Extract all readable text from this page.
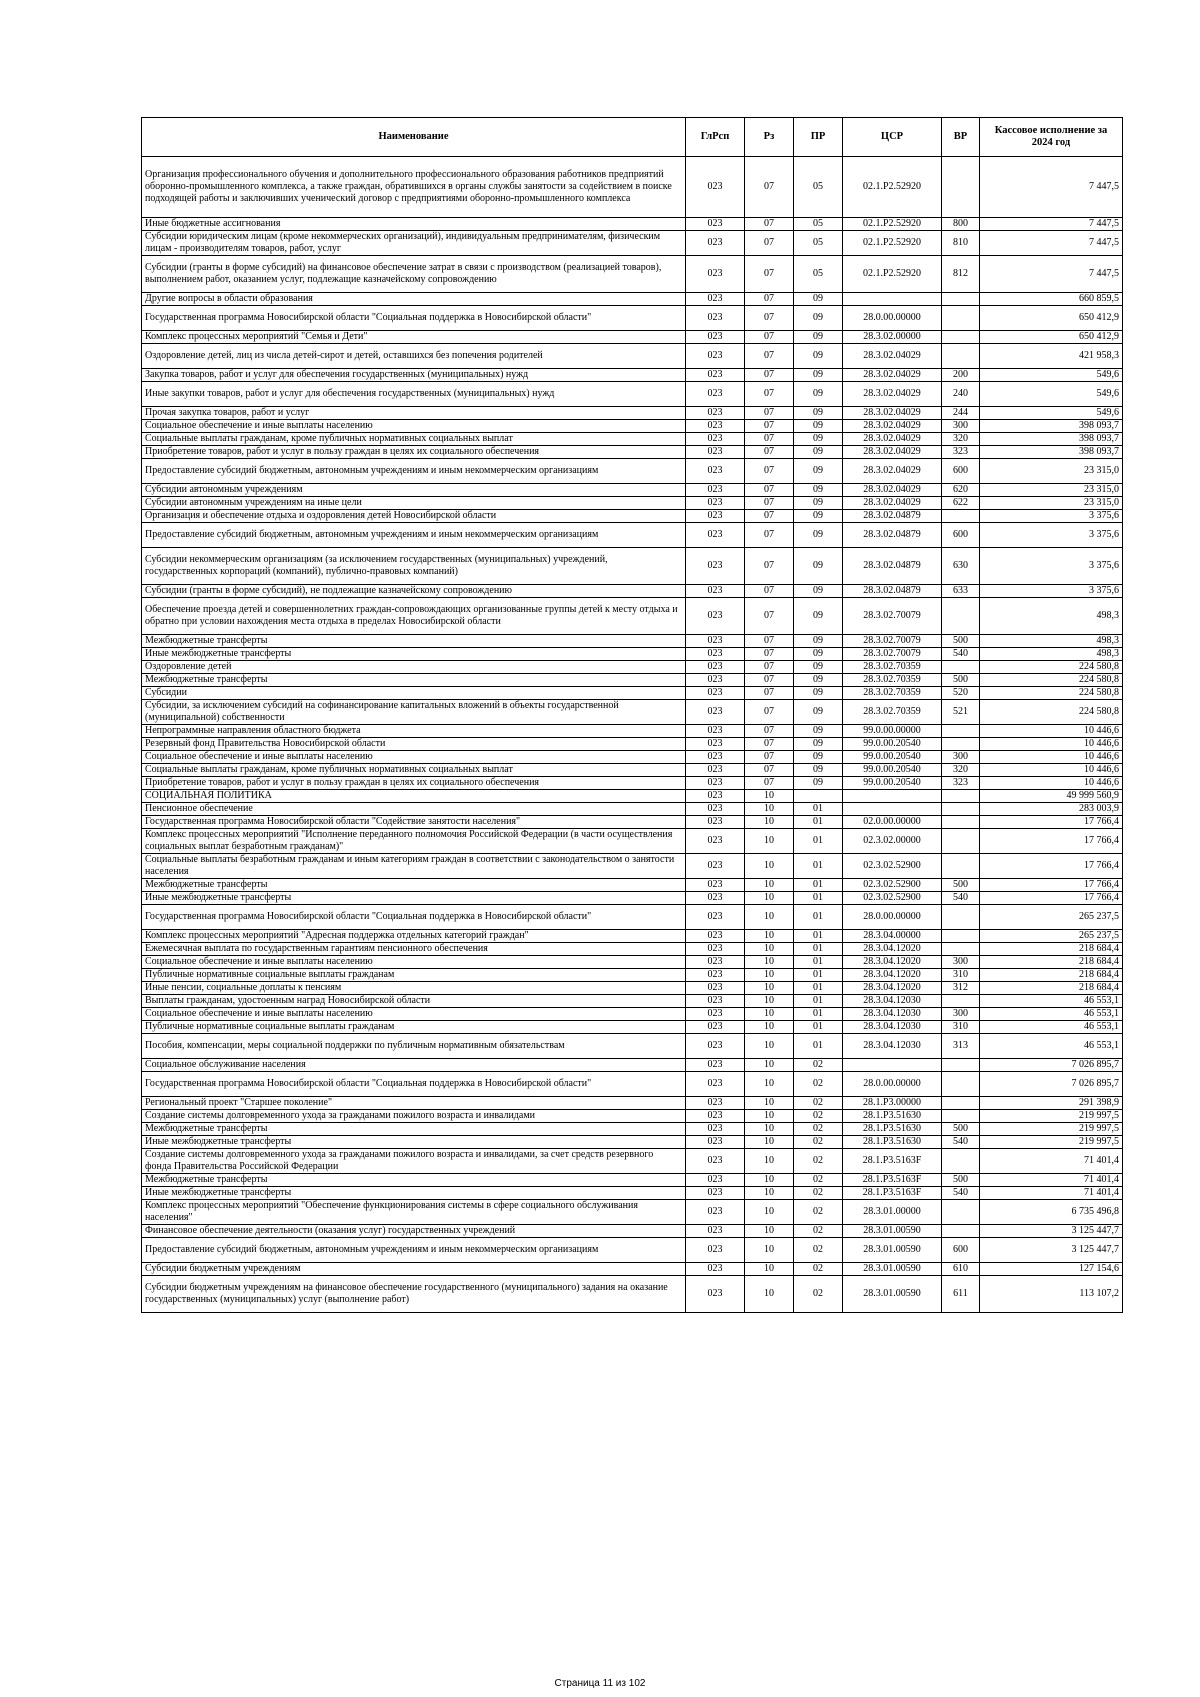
Наименование	ГлРсп	Рз	ПР	ЦСР	ВР	Кассовое исполнение за 2024 год
Организация профессионального обучения и дополнительного профессионального образования работников предприятий оборонно-промышленного комплекса, а также граждан, обратившихся в органы службы занятости за содействием в поиске подходящей работы и заключивших ученический договор с предприятиями оборонно-промышленного комплекса	023	07	05	02.1.P2.52920		7 447,5
Иные бюджетные ассигнования	023	07	05	02.1.P2.52920	800	7 447,5
Субсидии юридическим лицам (кроме некоммерческих организаций), индивидуальным предпринимателям, физическим лицам - производителям товаров, работ, услуг	023	07	05	02.1.P2.52920	810	7 447,5
Субсидии (гранты в форме субсидий) на финансовое обеспечение затрат в связи с производством (реализацией товаров), выполнением работ, оказанием услуг, подлежащие казначейскому сопровождению	023	07	05	02.1.P2.52920	812	7 447,5
Другие вопросы в области образования	023	07	09			660 859,5
Государственная программа Новосибирской области "Социальная поддержка в Новосибирской области"	023	07	09	28.0.00.00000		650 412,9
Комплекс процессных мероприятий "Семья и Дети"	023	07	09	28.3.02.00000		650 412,9
Оздоровление детей, лиц из числа детей-сирот и детей, оставшихся без попечения родителей	023	07	09	28.3.02.04029		421 958,3
Закупка товаров, работ и услуг для обеспечения государственных (муниципальных) нужд	023	07	09	28.3.02.04029	200	549,6
Иные закупки товаров, работ и услуг для обеспечения государственных (муниципальных) нужд	023	07	09	28.3.02.04029	240	549,6
Прочая закупка товаров, работ и услуг	023	07	09	28.3.02.04029	244	549,6
Социальное обеспечение и иные выплаты населению	023	07	09	28.3.02.04029	300	398 093,7
Социальные выплаты гражданам, кроме публичных нормативных социальных выплат	023	07	09	28.3.02.04029	320	398 093,7
Приобретение товаров, работ и услуг в пользу граждан в целях их социального обеспечения	023	07	09	28.3.02.04029	323	398 093,7
Предоставление субсидий бюджетным, автономным учреждениям и иным некоммерческим организациям	023	07	09	28.3.02.04029	600	23 315,0
Субсидии автономным учреждениям	023	07	09	28.3.02.04029	620	23 315,0
Субсидии автономным учреждениям на иные цели	023	07	09	28.3.02.04029	622	23 315,0
Организация и обеспечение отдыха и оздоровления детей Новосибирской области	023	07	09	28.3.02.04879		3 375,6
Предоставление субсидий бюджетным, автономным учреждениям и иным некоммерческим организациям	023	07	09	28.3.02.04879	600	3 375,6
Субсидии некоммерческим организациям (за исключением государственных (муниципальных) учреждений, государственных корпораций (компаний), публично-правовых компаний)	023	07	09	28.3.02.04879	630	3 375,6
Субсидии (гранты в форме субсидий), не подлежащие казначейскому сопровождению	023	07	09	28.3.02.04879	633	3 375,6
Обеспечение проезда детей и совершеннолетних граждан-сопровождающих организованные группы детей к месту отдыха и обратно при условии нахождения места отдыха в пределах Новосибирской области	023	07	09	28.3.02.70079		498,3
Межбюджетные трансферты	023	07	09	28.3.02.70079	500	498,3
Иные межбюджетные трансферты	023	07	09	28.3.02.70079	540	498,3
Оздоровление детей	023	07	09	28.3.02.70359		224 580,8
Межбюджетные трансферты	023	07	09	28.3.02.70359	500	224 580,8
Субсидии	023	07	09	28.3.02.70359	520	224 580,8
Субсидии, за исключением субсидий на софинансирование капитальных вложений в объекты государственной (муниципальной) собственности	023	07	09	28.3.02.70359	521	224 580,8
Непрограммные направления областного бюджета	023	07	09	99.0.00.00000		10 446,6
Резервный фонд Правительства Новосибирской области	023	07	09	99.0.00.20540		10 446,6
Социальное обеспечение и иные выплаты населению	023	07	09	99.0.00.20540	300	10 446,6
Социальные выплаты гражданам, кроме публичных нормативных социальных выплат	023	07	09	99.0.00.20540	320	10 446,6
Приобретение товаров, работ и услуг в пользу граждан в целях их социального обеспечения	023	07	09	99.0.00.20540	323	10 446,6
СОЦИАЛЬНАЯ ПОЛИТИКА	023	10				49 999 560,9
Пенсионное обеспечение	023	10	01			283 003,9
Государственная программа Новосибирской области "Содействие занятости населения"	023	10	01	02.0.00.00000		17 766,4
Комплекс процессных мероприятий "Исполнение переданного полномочия Российской Федерации (в части осуществления социальных выплат безработным гражданам)"	023	10	01	02.3.02.00000		17 766,4
Социальные выплаты безработным гражданам и иным категориям граждан в соответствии с законодательством о занятости населения	023	10	01	02.3.02.52900		17 766,4
Межбюджетные трансферты	023	10	01	02.3.02.52900	500	17 766,4
Иные межбюджетные трансферты	023	10	01	02.3.02.52900	540	17 766,4
Государственная программа Новосибирской области "Социальная поддержка в Новосибирской области"	023	10	01	28.0.00.00000		265 237,5
Комплекс процессных мероприятий "Адресная поддержка отдельных категорий граждан"	023	10	01	28.3.04.00000		265 237,5
Ежемесячная выплата по государственным гарантиям пенсионного обеспечения	023	10	01	28.3.04.12020		218 684,4
Социальное обеспечение и иные выплаты населению	023	10	01	28.3.04.12020	300	218 684,4
Публичные нормативные социальные выплаты гражданам	023	10	01	28.3.04.12020	310	218 684,4
Иные пенсии, социальные доплаты к пенсиям	023	10	01	28.3.04.12020	312	218 684,4
Выплаты гражданам, удостоенным наград Новосибирской области	023	10	01	28.3.04.12030		46 553,1
Социальное обеспечение и иные выплаты населению	023	10	01	28.3.04.12030	300	46 553,1
Публичные нормативные социальные выплаты гражданам	023	10	01	28.3.04.12030	310	46 553,1
Пособия, компенсации, меры социальной поддержки по публичным нормативным обязательствам	023	10	01	28.3.04.12030	313	46 553,1
Социальное обслуживание населения	023	10	02			7 026 895,7
Государственная программа Новосибирской области "Социальная поддержка в Новосибирской области"	023	10	02	28.0.00.00000		7 026 895,7
Региональный проект "Старшее поколение"	023	10	02	28.1.P3.00000		291 398,9
Создание системы долговременного ухода за гражданами пожилого возраста и инвалидами	023	10	02	28.1.P3.51630		219 997,5
Межбюджетные трансферты	023	10	02	28.1.P3.51630	500	219 997,5
Иные межбюджетные трансферты	023	10	02	28.1.P3.51630	540	219 997,5
Создание системы долговременного ухода за гражданами пожилого возраста и инвалидами, за счет средств резервного фонда Правительства Российской Федерации	023	10	02	28.1.P3.5163F		71 401,4
Межбюджетные трансферты	023	10	02	28.1.P3.5163F	500	71 401,4
Иные межбюджетные трансферты	023	10	02	28.1.P3.5163F	540	71 401,4
Комплекс процессных мероприятий "Обеспечение функционирования системы в сфере социального обслуживания населения"	023	10	02	28.3.01.00000		6 735 496,8
Финансовое обеспечение деятельности (оказания услуг) государственных учреждений	023	10	02	28.3.01.00590		3 125 447,7
Предоставление субсидий бюджетным, автономным учреждениям и иным некоммерческим организациям	023	10	02	28.3.01.00590	600	3 125 447,7
Субсидии бюджетным учреждениям	023	10	02	28.3.01.00590	610	127 154,6
Субсидии бюджетным учреждениям на финансовое обеспечение государственного (муниципального) задания на оказание государственных (муниципальных) услуг (выполнение работ)	023	10	02	28.3.01.00590	611	113 107,2
Страница 11 из 102
